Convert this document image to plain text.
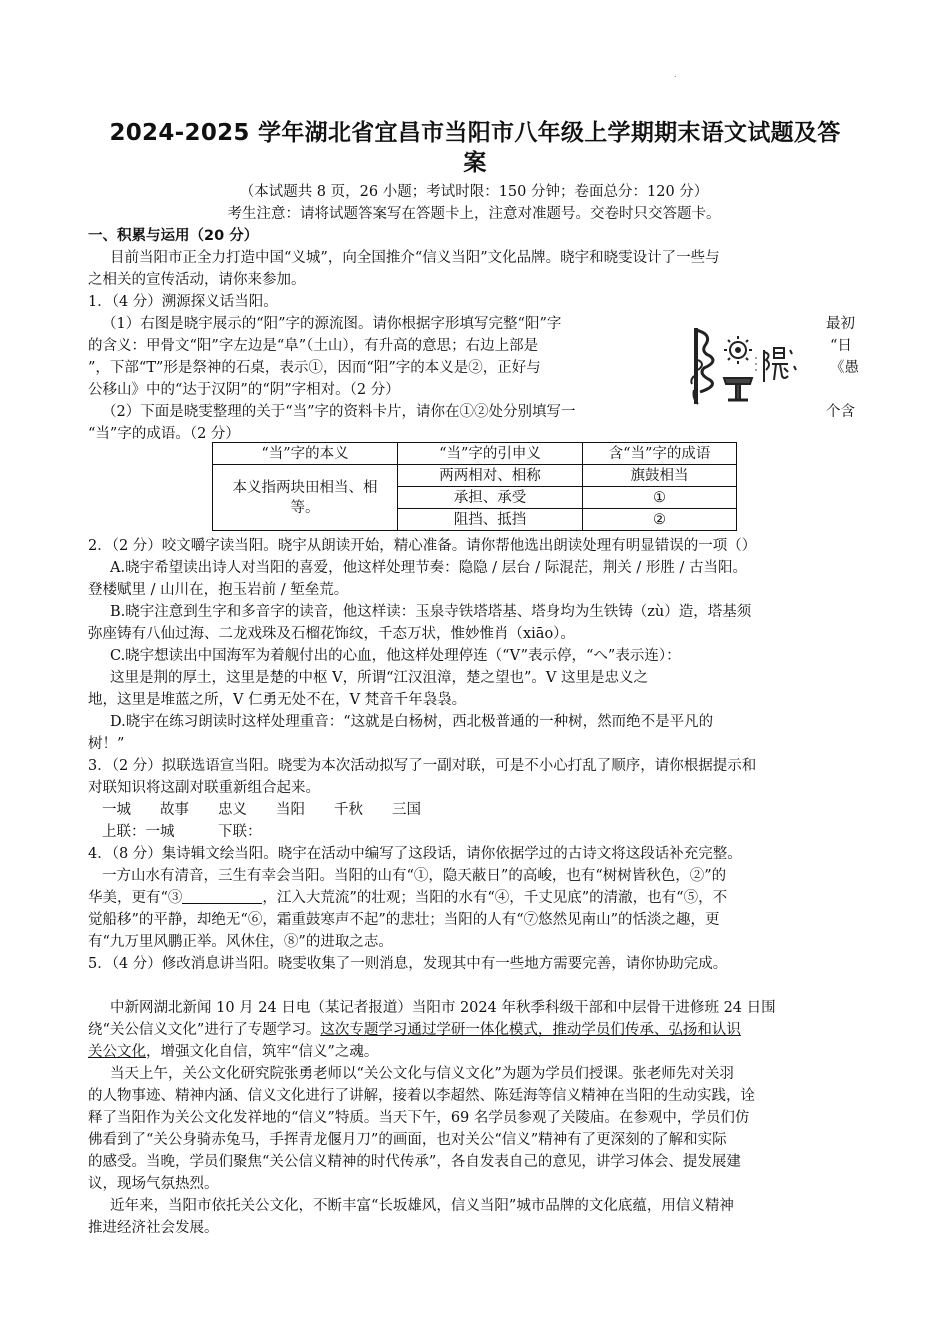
.
2024-2025 学年湖北省宜昌市当阳市八年级上学期期末语文试题及答
案
（本试题共 8 页，26 小题；考试时限：150 分钟；卷面总分：120 分）
考生注意：请将试题答案写在答题卡上，注意对准题号。交卷时只交答题卡。
一、积累与运用（20 分）
目前当阳市正全力打造中国“义城”，向全国推介“信义当阳”文化品牌。晓宇和晓雯设计了一些与
之相关的宣传活动，请你来参加。
1．（4 分）溯源探义话当阳。
（1）右图是晓宇展示的“阳”字的源流图。请你根据字形填写完整“阳”字	最初
的含义：甲骨文“阳”字左边是“阜”（土山），有升高的意思；右边上部是	“日
”，下部“T”形是祭神的石桌，表示①，因而“阳”字的本义是②，正好与	《愚
公移山》中的“达于汉阴”的“阴”字相对。（2 分）
（2）下面是晓雯整理的关于“当”字的资料卡片，请你在①②处分别填写一	个含
“当”字的成语。（2 分）
“当”字的本义	“当”字的引申义	含“当”字的成语

本义指两块田相当、相
等。	两两相对、相称	旗鼓相当
	承担、承受	①
	阻挡、抵挡	②
2．（2 分）咬文嚼字读当阳。晓宇从朗读开始，精心准备。请你帮他选出朗读处理有明显错误的一项（）
A.晓宇希望读出诗人对当阳的喜爱，他这样处理节奏：隐隐 / 层台 / 际混茫，荆关 / 形胜 / 古当阳。
登楼赋里 / 山川在，抱玉岩前 / 堑垒荒。
B.晓宇注意到生字和多音字的读音，他这样读：玉泉寺铁塔塔基、塔身均为生铁铸（zù）造，塔基须
弥座铸有八仙过海、二龙戏珠及石榴花饰纹，千态万状，惟妙惟肖（xiāo）。
C.晓宇想读出中国海军为着舰付出的心血，他这样处理停连（“V”表示停，“へ”表示连）：
这里是荆的厚土，这里是楚的中枢 V，所谓“江汉沮漳，楚之望也”。V 这里是忠义之
地，这里是堆蓝之所，V 仁勇无处不在，V 梵音千年袅袅。
D.晓宇在练习朗读时这样处理重音：“这就是白杨树，西北极普通的一种树，然而绝不是平凡的
树！”
3．（2 分）拟联选语宣当阳。晓雯为本次活动拟写了一副对联，可是不小心打乱了顺序，请你根据提示和
对联知识将这副对联重新组合起来。
一城　　故事　　忠义　　当阳　　千秋　　三国
上联：一城　　　下联：
4．（8 分）集诗辑文绘当阳。晓宇在活动中编写了这段话，请你依据学过的古诗文将这段话补充完整。
一方山水有清音，三生有幸会当阳。当阳的山有“①，隐天蔽日”的高峻，也有“树树皆秋色，②”的
华美，更有“③	，江入大荒流”的壮观；当阳的水有“④，千丈见底”的清澈，也有“⑤，不
觉船移”的平静，却绝无“⑥，霜重鼓寒声不起”的悲壮；当阳的人有“⑦悠然见南山”的恬淡之趣，更
有“九万里风鹏正举。风休住，⑧”的进取之志。
5．（4 分）修改消息讲当阳。晓雯收集了一则消息，发现其中有一些地方需要完善，请你协助完成。
中新网湖北新闻 10 月 24 日电（某记者报道）当阳市 2024 年秋季科级干部和中层骨干进修班 24 日围
绕“关公信义文化”进行了专题学习。这次专题学习通过学研一体化模式，推动学员们传承、弘扬和认识
关公文化，增强文化自信，筑牢“信义”之魂。
当天上午，关公文化研究院张勇老师以“关公文化与信义文化”为题为学员们授课。张老师先对关羽
的人物事迹、精神内涵、信义文化进行了讲解，接着以李超然、陈廷海等信义精神在当阳的生动实践，诠
释了当阳作为关公文化发祥地的“信义”特质。当天下午，69 名学员参观了关陵庙。在参观中，学员们仿
佛看到了“关公身骑赤兔马，手挥青龙偃月刀”的画面，也对关公“信义”精神有了更深刻的了解和实际
的感受。当晚，学员们聚焦“关公信义精神的时代传承”，各自发表自己的意见，讲学习体会、提发展建
议，现场气氛热烈。
近年来，当阳市依托关公文化，不断丰富“长坂雄风，信义当阳”城市品牌的文化底蕴，用信义精神
推进经济社会发展。
